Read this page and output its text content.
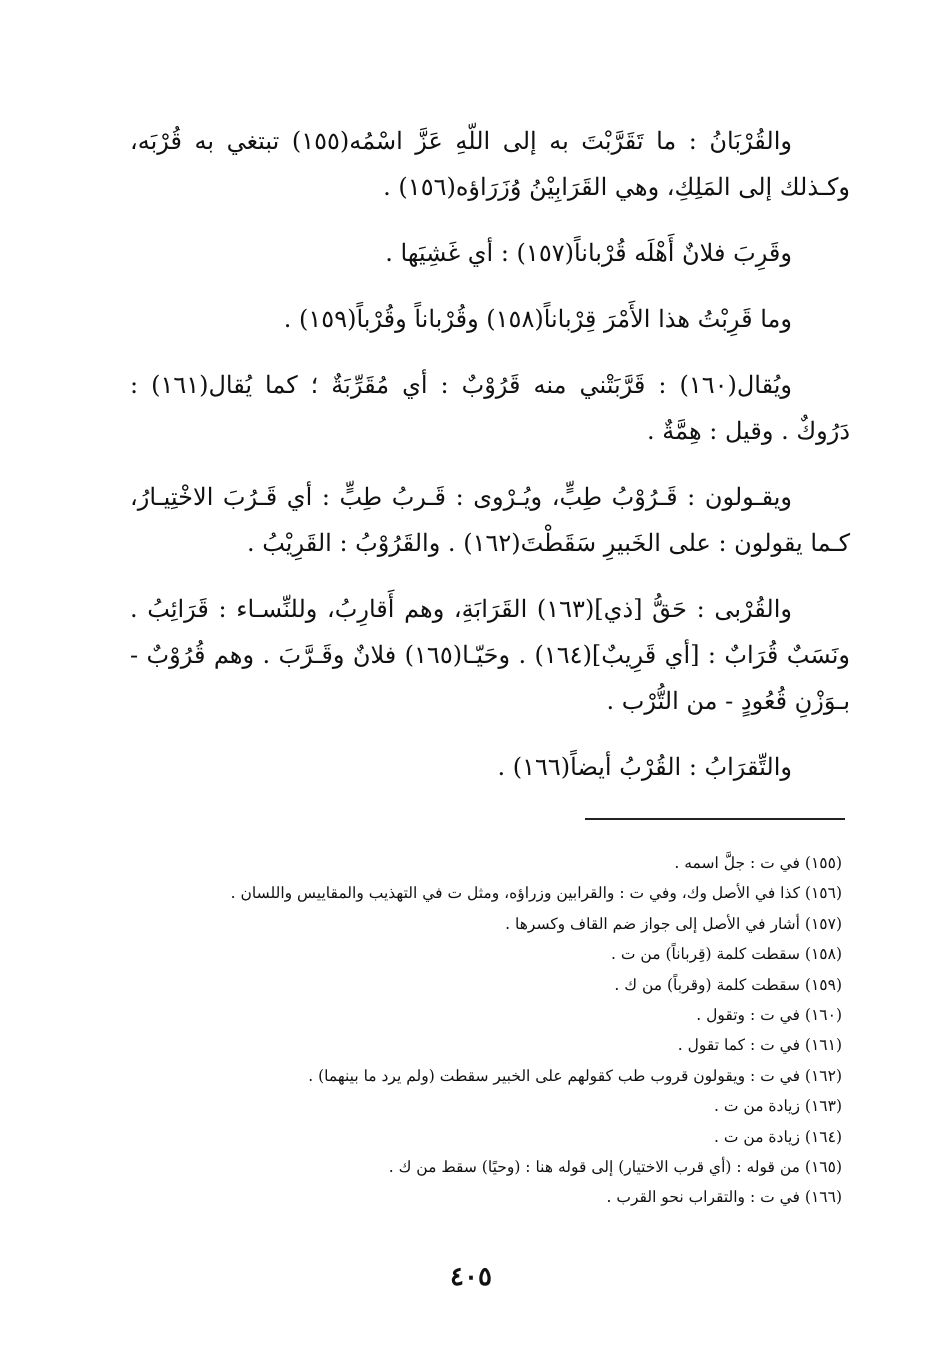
والقُرْبَانُ : ما تَقَرَّبْتَ به إلى اللّهِ عَزَّ اسْمُه(١٥٥) تبتغي به قُرْبَه، وكـذلك إلى المَلِكِ، وهي القَرَابِيْنُ وُزَرَاؤه(١٥٦) .

وقَرِبَ فلانٌ أَهْلَه قُرْباناً(١٥٧) : أي غَشِيَها .

وما قَرِبْتُ هذا الأَمْرَ قِرْباناً(١٥٨) وقُرْباناً وقُرْباً(١٥٩) .

ويُقال(١٦٠) : قَرَّبَتْني منه قَرُوْبٌ : أي مُقَرِّبَةٌ ؛ كما يُقال(١٦١) : دَرُوكٌ . وقيل : هِمَّةٌ .

ويقـولون : قَـرُوْبُ طِبٍّ، ويُـرْوى : قَـربُ طِبٍّ : أي قَـرُبَ الاخْتِيـارُ، كـما يقولون : على الخَبيرِ سَقَطْتَ(١٦٢) . والقَرُوْبُ : القَرِيْبُ .

والقُرْبى : حَقُّ [ذي](١٦٣) القَرَابَةِ، وهم أَقارِبُ، وللنِّسـاء : قَرَائِبُ . ونَسَبٌ قُرَابٌ : [أي قَرِيبٌ](١٦٤) . وحَيّـا(١٦٥) فلانٌ وقَـرَّبَ . وهم قُرُوْبٌ - بـوَزْنِ قُعُودٍ - من التُّرْب .

والتِّقرَابُ : القُرْبُ أيضاً(١٦٦) .

(١٥٥) في ت : جلَّ اسمه .

(١٥٦) كذا في الأصل وك، وفي ت : والقرابين وزراؤه، ومثل ت في التهذيب والمقاييس واللسان .

(١٥٧) أشار في الأصل إلى جواز ضم القاف وكسرها .

(١٥٨) سقطت كلمة (قِرباناً) من ت .

(١٥٩) سقطت كلمة (وقرباً) من ك .

(١٦٠) في ت : وتقول .

(١٦١) في ت : كما تقول .

(١٦٢) في ت : ويقولون قروب طب كقولهم على الخبير سقطت (ولم يرد ما بينهما) .

(١٦٣) زيادة من ت .

(١٦٤) زيادة من ت .

(١٦٥) من قوله : (أي قرب الاختيار) إلى قوله هنا : (وحيًا) سقط من ك .

(١٦٦) في ت : والتقراب نحو القرب .

٤٠٥
